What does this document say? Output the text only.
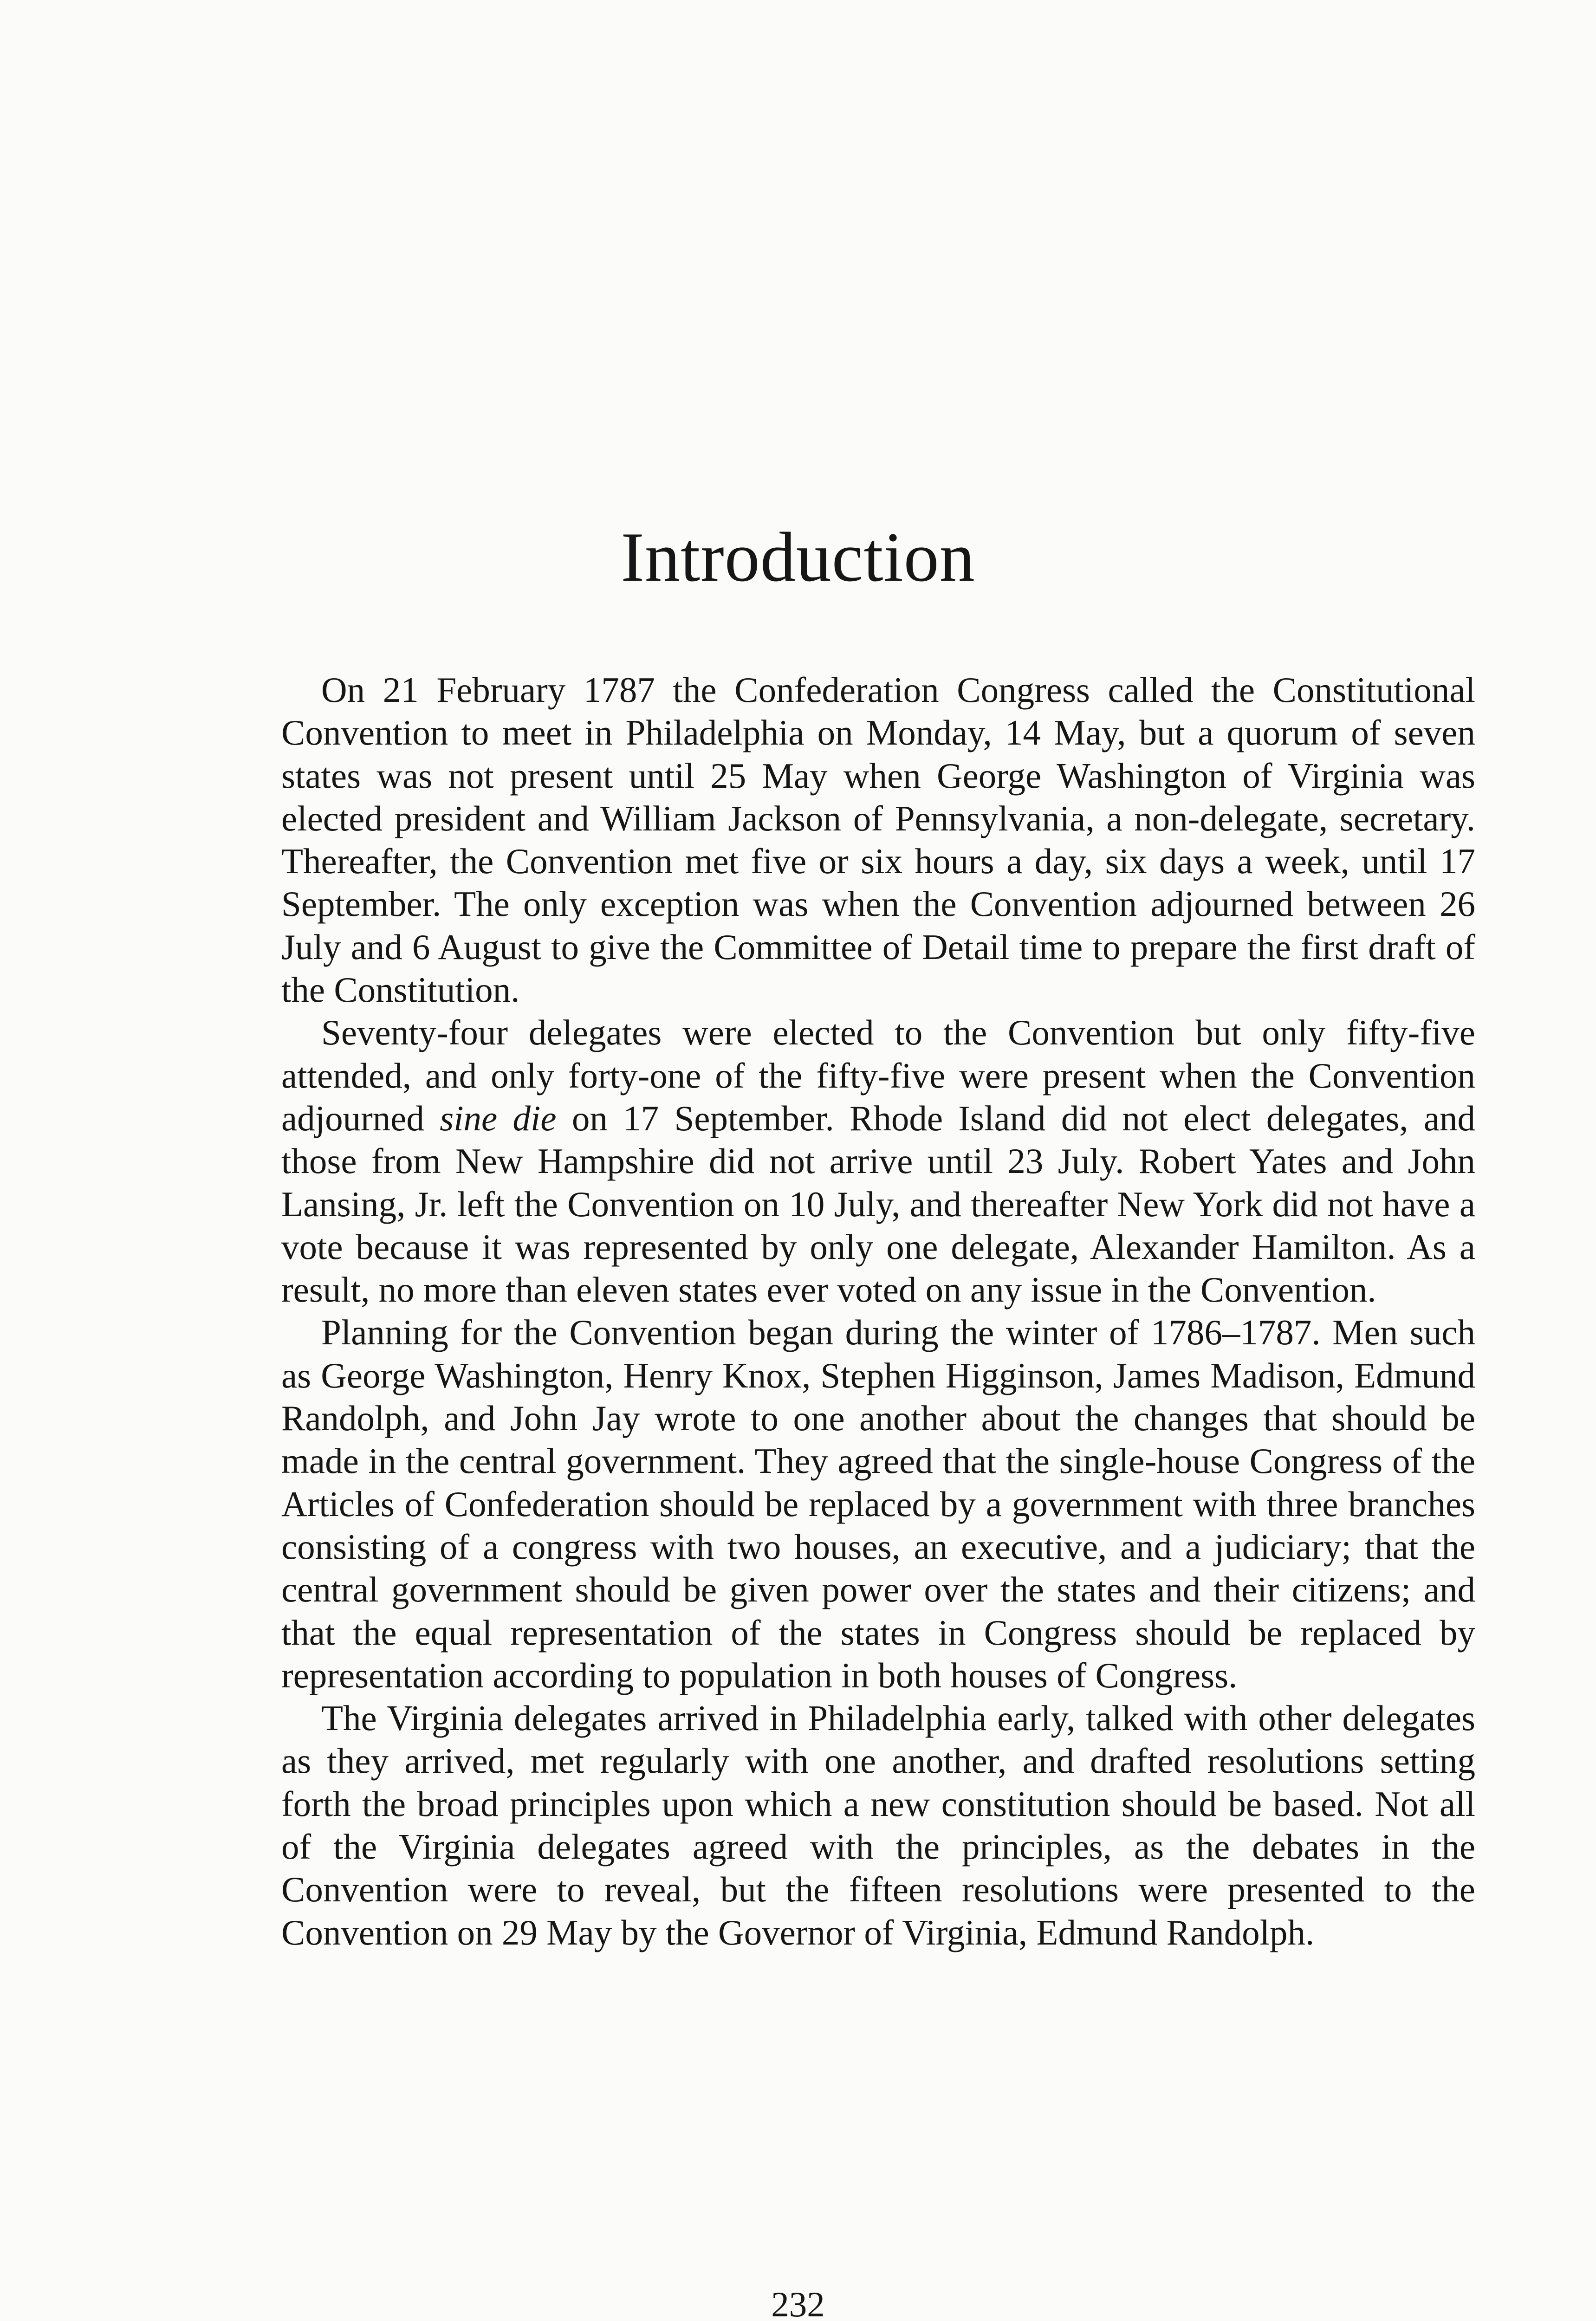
Introduction

On 21 February 1787 the Confederation Congress called the Constitutional Convention to meet in Philadelphia on Monday, 14 May, but a quorum of seven states was not present until 25 May when George Washington of Virginia was elected president and William Jackson of Pennsylvania, a non-delegate, secretary. Thereafter, the Convention met five or six hours a day, six days a week, until 17 September. The only exception was when the Convention adjourned between 26 July and 6 August to give the Committee of Detail time to prepare the first draft of the Constitution.

Seventy-four delegates were elected to the Convention but only fifty-five attended, and only forty-one of the fifty-five were present when the Convention adjourned sine die on 17 September. Rhode Island did not elect delegates, and those from New Hampshire did not arrive until 23 July. Robert Yates and John Lansing, Jr. left the Convention on 10 July, and thereafter New York did not have a vote because it was represented by only one delegate, Alexander Hamilton. As a result, no more than eleven states ever voted on any issue in the Convention.

Planning for the Convention began during the winter of 1786–1787. Men such as George Washington, Henry Knox, Stephen Higginson, James Madison, Edmund Randolph, and John Jay wrote to one another about the changes that should be made in the central government. They agreed that the single-house Congress of the Articles of Confederation should be replaced by a government with three branches consisting of a congress with two houses, an executive, and a judiciary; that the central government should be given power over the states and their citizens; and that the equal representation of the states in Congress should be replaced by representation according to population in both houses of Congress.

The Virginia delegates arrived in Philadelphia early, talked with other delegates as they arrived, met regularly with one another, and drafted resolutions setting forth the broad principles upon which a new constitution should be based. Not all of the Virginia delegates agreed with the principles, as the debates in the Convention were to reveal, but the fifteen resolutions were presented to the Convention on 29 May by the Governor of Virginia, Edmund Randolph.

232
